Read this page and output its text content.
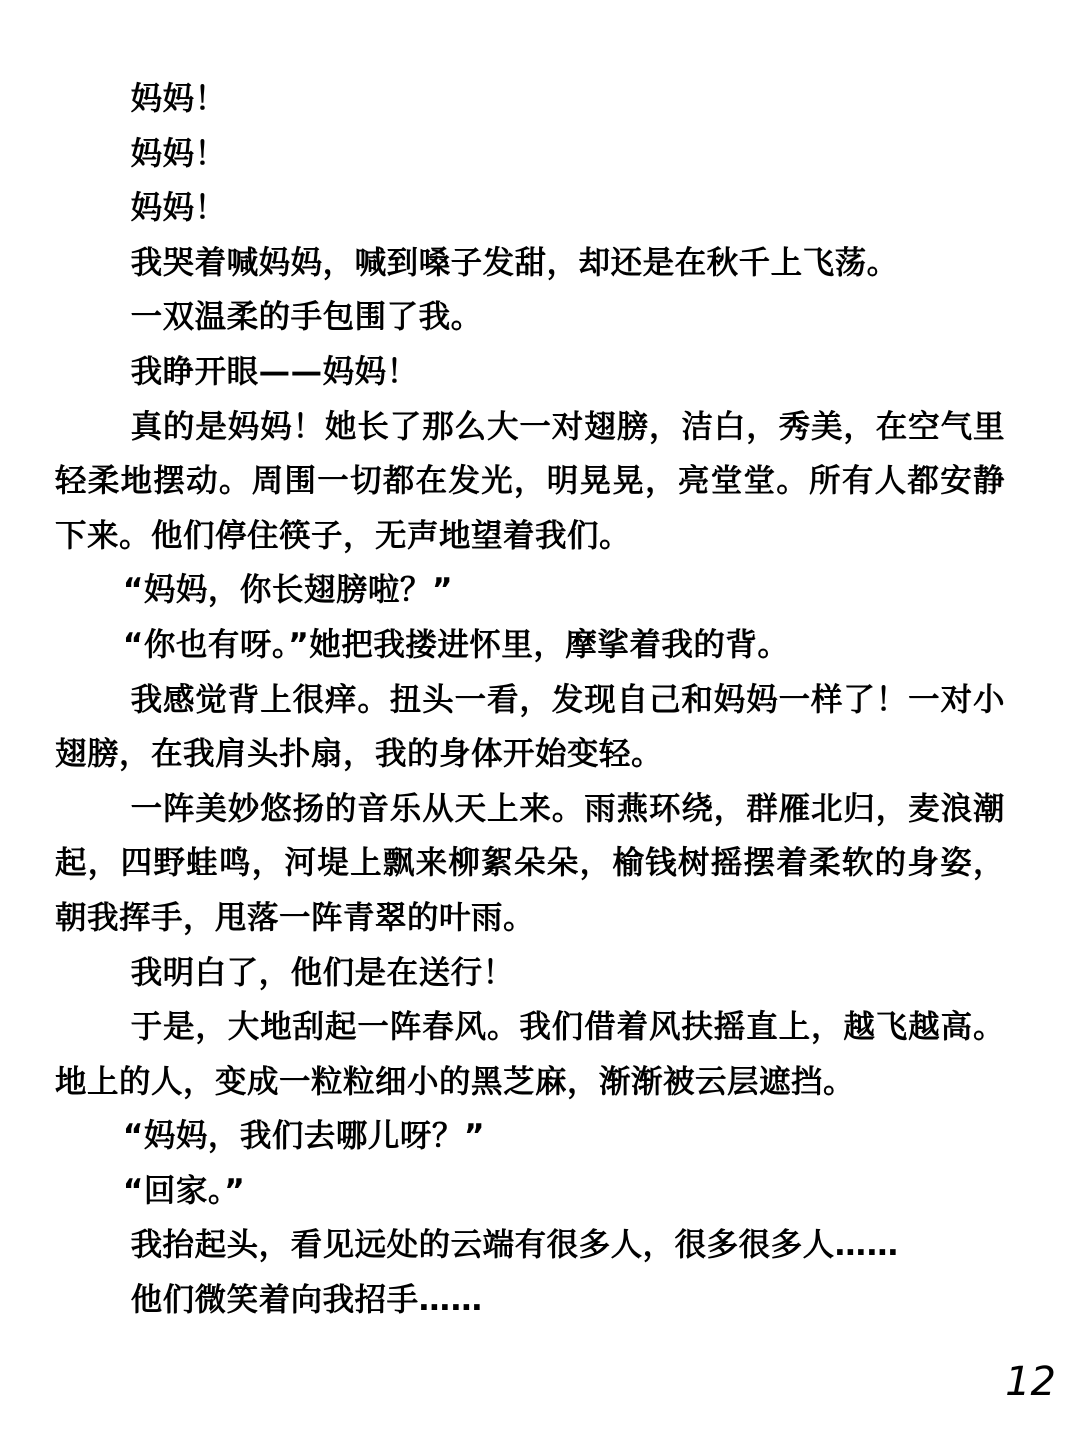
妈妈！

妈妈！

妈妈！

我哭着喊妈妈，喊到嗓子发甜，却还是在秋千上飞荡。

一双温柔的手包围了我。

我睁开眼——妈妈！

真的是妈妈！她长了那么大一对翅膀，洁白，秀美，在空气里轻柔地摆动。周围一切都在发光，明晃晃，亮堂堂。所有人都安静下来。他们停住筷子，无声地望着我们。

“妈妈，你长翅膀啦？”

“你也有呀。”她把我搂进怀里，摩挲着我的背。

我感觉背上很痒。扭头一看，发现自己和妈妈一样了！一对小翅膀，在我肩头扑扇，我的身体开始变轻。

一阵美妙悠扬的音乐从天上来。雨燕环绕，群雁北归，麦浪潮起，四野蛙鸣，河堤上飘来柳絮朵朵，榆钱树摇摆着柔软的身姿，朝我挥手，甩落一阵青翠的叶雨。

我明白了，他们是在送行！

于是，大地刮起一阵春风。我们借着风扶摇直上，越飞越高。地上的人，变成一粒粒细小的黑芝麻，渐渐被云层遮挡。

“妈妈，我们去哪儿呀？”

“回家。”

我抬起头，看见远处的云端有很多人，很多很多人……

他们微笑着向我招手……

12
